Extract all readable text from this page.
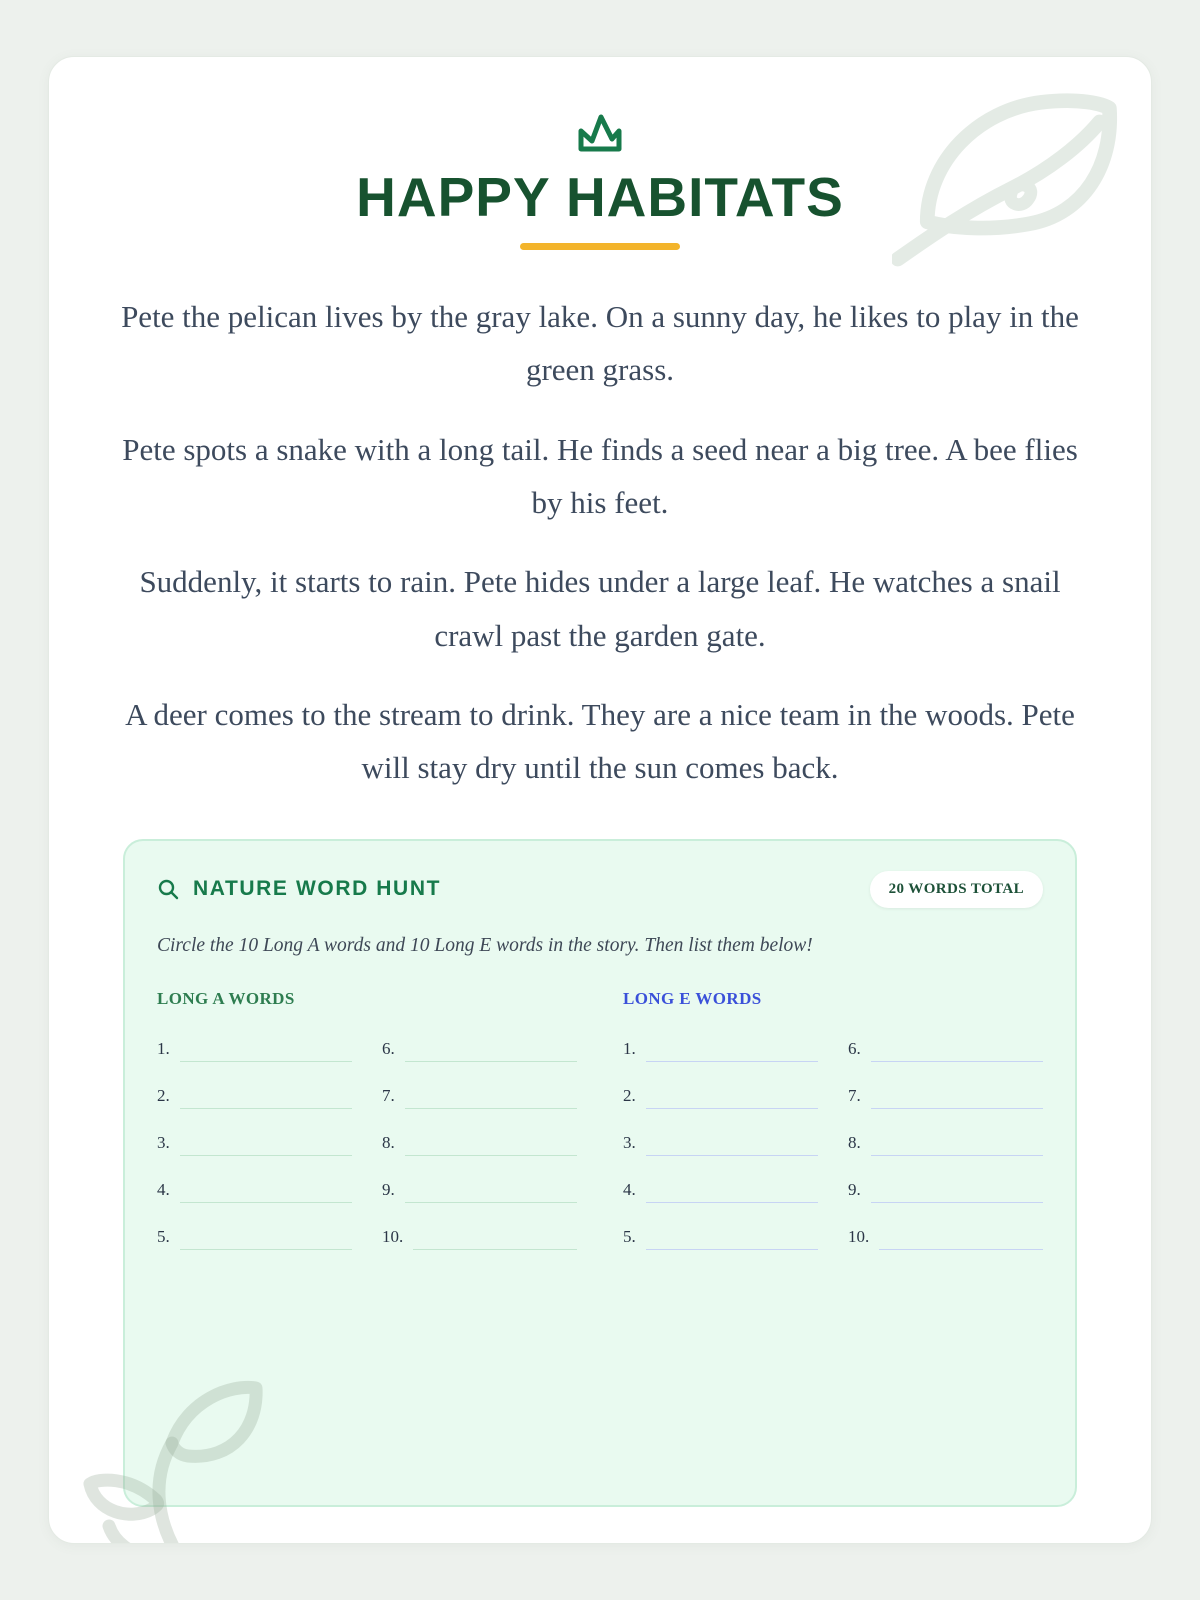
HAPPY HABITATS

Pete the pelican lives by the gray lake. On a sunny day, he likes to play in the green grass.

Pete spots a snake with a long tail. He finds a seed near a big tree. A bee flies by his feet.

Suddenly, it starts to rain. Pete hides under a large leaf. He watches a snail crawl past the garden gate.

A deer comes to the stream to drink. They are a nice team in the woods. Pete will stay dry until the sun comes back.

NATURE WORD HUNT	20 WORDS TOTAL
Circle the 10 Long A words and 10 Long E words in the story. Then list them below!
LONG A WORDS
1.
2.
3.
4.
5.
6.
7.
8.
9.
10.
LONG E WORDS
1.
2.
3.
4.
5.
6.
7.
8.
9.
10.
